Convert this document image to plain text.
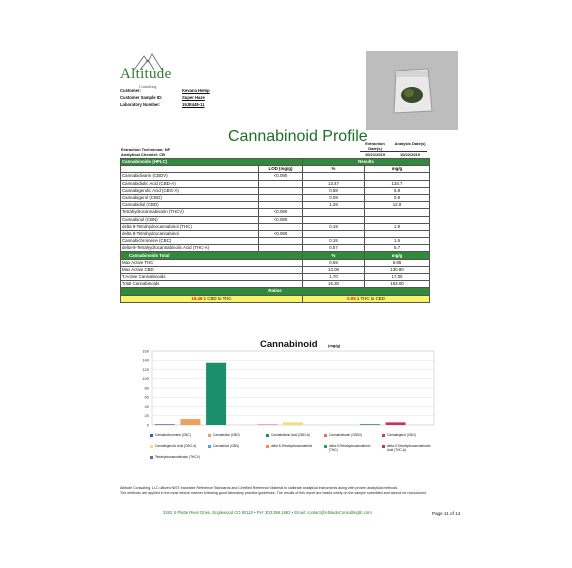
Altitude
Consulting
Customer:	Kevana Hemp
Customer Sample ID:	Super Haze
Laboratory Number:	19JE445-11
Cannabinoid Profile
Extraction Technician: NF
Analytical Chemist: CB
Extraction Date(s)
Analysis Date(s)
10/21/2019	10/22/2019
Cannabinoids (HPLC)		Results	
	LOD (mg/g)	%	mg/g
Cannabidivarin (CBDV)	<0.090		
Cannabidiolic Acid (CBD-A)		13.47	134.7
Cannabigerolic Acid (CBG-A)		0.58	5.8
Cannabigerol (CBG)		0.09	0.9
Cannabidiol (CBD)		1.28	12.8
Tetrahydrocannabivarin (THCV)	<0.090		
Cannabinol (CBN)	<0.090		
delta 9-Tetrahydrocannabinol (THC)		0.19	1.9
delta 8-Tetrahydrocannabinol	<0.090		
Cannabichromene (CBC)		0.15	1.5
delta-9-Tetrahydrocannabinolic Acid (THC-A)		0.57	5.7
Cannabinoids Total		%	mg/g
Max Active THC		0.69	6.85
Max Active CBD		13.08	130.80
T.Active Cannabinoids		1.70	17.00
Total Cannabinoids		16.30	163.00
Ratios			
19.46:1 CBD to THC		0.05:1 THC to CBD	
Cannabinoid	(mg/g)
0
20
40
60
80
100
120
140
160
Cannabichromene (CBC)	Cannabidiol (CBD)	Cannabidiolic Acid (CBD-A)	Cannabidivarin (CBDV)	Cannabigerol (CBG)
Cannabigerolic Acid (CBG-A)	Cannabinol (CBN)	delta 8-Tetrahydrocannabinol	delta-9-Tetrahydrocannabinol (THC)
delta-9-Tetrahydrocannabinolic Acid (THC-A)
Tetrahydrocannabivarin (THCV)
Altitude Consulting, LLC utilizes NIST traceable Reference Standards and Certified Reference Material to calibrate analytical instruments along with proven analytical methods.
The methods are applied in the most ethical manner following good laboratory practice guidelines. The results of this report are based solely on the sample submitted and cannot be reproduced.
3262 S Platte River Drive, Englewood CO 80110 • PH: 303.396.1662 • Email: contact@AltitudeConsultingllc.com	Page 11 of 14
